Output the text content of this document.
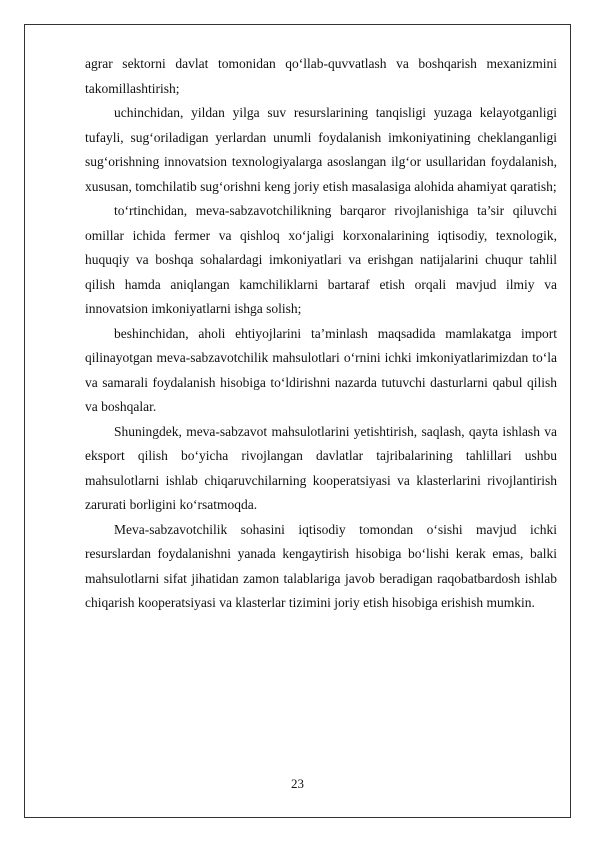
agrar sektorni davlat tomonidan qo‘llab-quvvatlash va boshqarish mexanizmini takomillashtirish;

uchinchidan, yildan yilga suv resurslarining tanqisligi yuzaga kelayotganligi tufayli, sug‘oriladigan yerlardan unumli foydalanish imkoniyatining cheklanganligi sug‘orishning innovatsion texnologiyalarga asoslangan ilg‘or usullaridan foydalanish, xususan, tomchilatib sug‘orishni keng joriy etish masalasiga alohida ahamiyat qaratish;

to‘rtinchidan, meva-sabzavotchilikning barqaror rivojlanishiga ta’sir qiluvchi omillar ichida fermer va qishloq xo‘jaligi korxonalarining iqtisodiy, texnologik, huquqiy va boshqa sohalardagi imkoniyatlari va erishgan natijalarini chuqur tahlil qilish hamda aniqlangan kamchiliklarni bartaraf etish orqali mavjud ilmiy va innovatsion imkoniyatlarni ishga solish;

beshinchidan, aholi ehtiyojlarini ta’minlash maqsadida mamlakatga import qilinayotgan meva-sabzavotchilik mahsulotlari o‘rnini ichki imkoniyatlarimizdan to‘la va samarali foydalanish hisobiga to‘ldirishni nazarda tutuvchi dasturlarni qabul qilish va boshqalar.

Shuningdek, meva-sabzavot mahsulotlarini yetishtirish, saqlash, qayta ishlash va eksport qilish bo‘yicha rivojlangan davlatlar tajribalarining tahlillari ushbu mahsulotlarni ishlab chiqaruvchilarning kooperatsiyasi va klasterlarini rivojlantirish zarurati borligini ko‘rsatmoqda.

Meva-sabzavotchilik sohasini iqtisodiy tomondan o‘sishi mavjud ichki resurslardan foydalanishni yanada kengaytirish hisobiga bo‘lishi kerak emas, balki mahsulotlarni sifat jihatidan zamon talablariga javob beradigan raqobatbardosh ishlab chiqarish kooperatsiyasi va klasterlar tizimini joriy etish hisobiga erishish mumkin.

23
